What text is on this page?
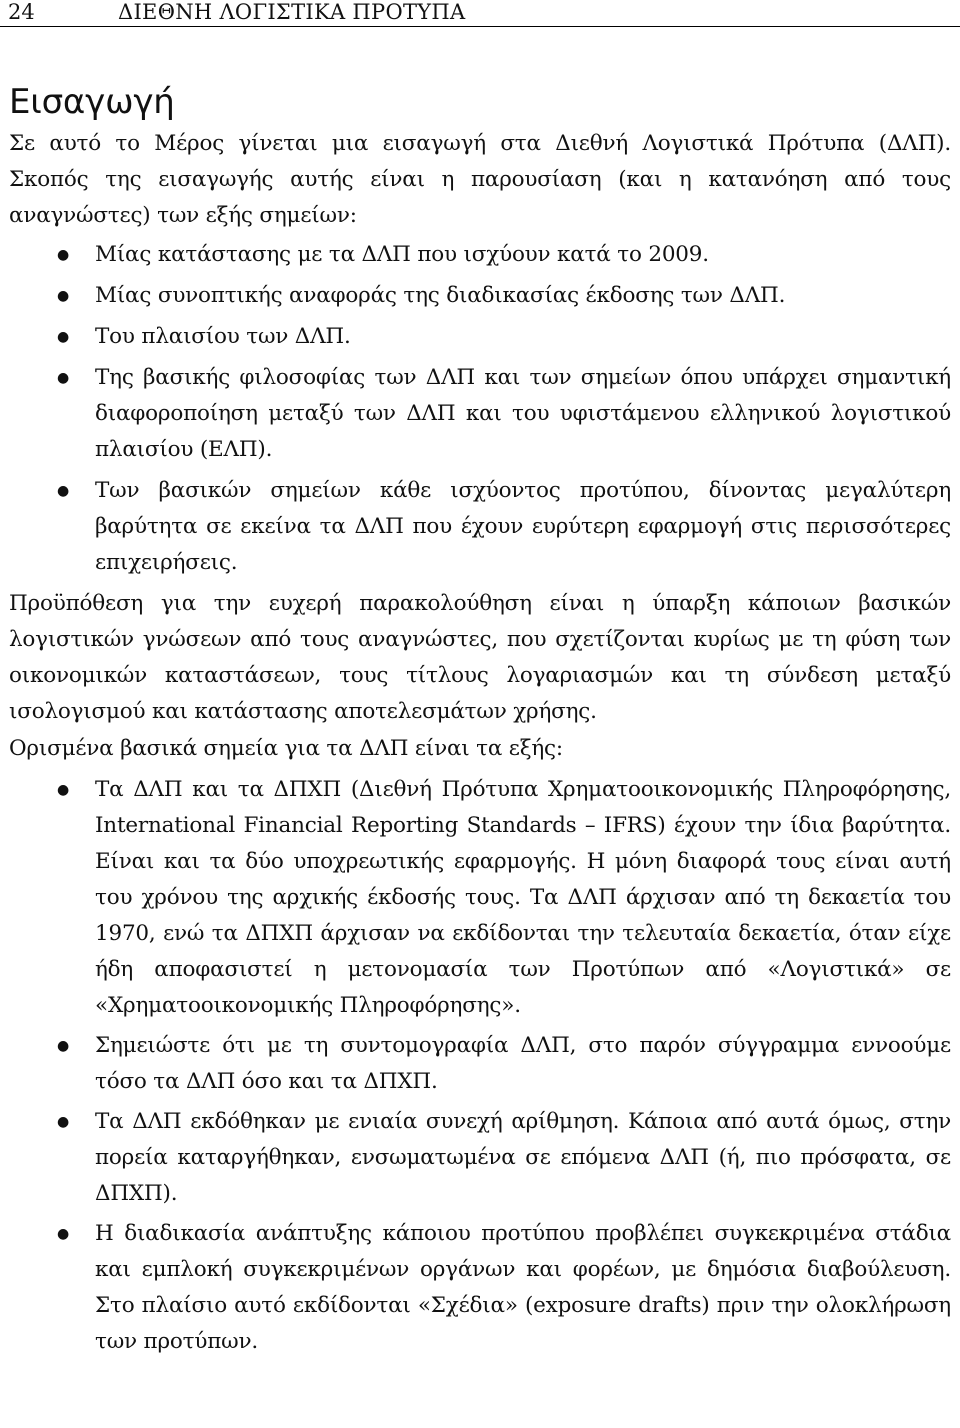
24	ΔΙΕΘΝΗ ΛΟΓΙΣΤΙΚΑ ΠΡΟΤΥΠΑ
Εισαγωγή

Σε αυτό το Μέρος γίνεται μια εισαγωγή στα Διεθνή Λογιστικά Πρότυπα (ΔΛΠ). Σκοπός της εισαγωγής αυτής είναι η παρουσίαση (και η κατανόηση από τους αναγνώστες) των εξής σημείων:

● Μίας κατάστασης με τα ΔΛΠ που ισχύουν κατά το 2009.
● Μίας συνοπτικής αναφοράς της διαδικασίας έκδοσης των ΔΛΠ.
● Του πλαισίου των ΔΛΠ.
● Της βασικής φιλοσοφίας των ΔΛΠ και των σημείων όπου υπάρχει σημαντική διαφοροποίηση μεταξύ των ΔΛΠ και του υφιστάμενου ελληνικού λογιστικού πλαισίου (ΕΛΠ).
● Των βασικών σημείων κάθε ισχύοντος προτύπου, δίνοντας μεγαλύτερη βαρύτητα σε εκείνα τα ΔΛΠ που έχουν ευρύτερη εφαρμογή στις περισσότερες επιχειρήσεις.

Προϋπόθεση για την ευχερή παρακολούθηση είναι η ύπαρξη κάποιων βασικών λογιστικών γνώσεων από τους αναγνώστες, που σχετίζονται κυρίως με τη φύση των οικονομικών καταστάσεων, τους τίτλους λογαριασμών και τη σύνδεση μεταξύ ισολογισμού και κατάστασης αποτελεσμάτων χρήσης.

Ορισμένα βασικά σημεία για τα ΔΛΠ είναι τα εξής:

● Τα ΔΛΠ και τα ΔΠΧΠ (Διεθνή Πρότυπα Χρηματοοικονομικής Πληροφόρησης, International Financial Reporting Standards – IFRS) έχουν την ίδια βαρύτητα. Είναι και τα δύο υποχρεωτικής εφαρμογής. Η μόνη διαφορά τους είναι αυτή του χρόνου της αρχικής έκδοσής τους. Τα ΔΛΠ άρχισαν από τη δεκαετία του 1970, ενώ τα ΔΠΧΠ άρχισαν να εκδίδονται την τελευταία δεκαετία, όταν είχε ήδη αποφασιστεί η μετονομασία των Προτύπων από «Λογιστικά» σε «Χρηματοοικονομικής Πληροφόρησης».
● Σημειώστε ότι με τη συντομογραφία ΔΛΠ, στο παρόν σύγγραμμα εννοούμε τόσο τα ΔΛΠ όσο και τα ΔΠΧΠ.
● Τα ΔΛΠ εκδόθηκαν με ενιαία συνεχή αρίθμηση. Κάποια από αυτά όμως, στην πορεία καταργήθηκαν, ενσωματωμένα σε επόμενα ΔΛΠ (ή, πιο πρόσφατα, σε ΔΠΧΠ).
● Η διαδικασία ανάπτυξης κάποιου προτύπου προβλέπει συγκεκριμένα στάδια και εμπλοκή συγκεκριμένων οργάνων και φορέων, με δημόσια διαβούλευση. Στο πλαίσιο αυτό εκδίδονται «Σχέδια» (exposure drafts) πριν την ολοκλήρωση των προτύπων.
